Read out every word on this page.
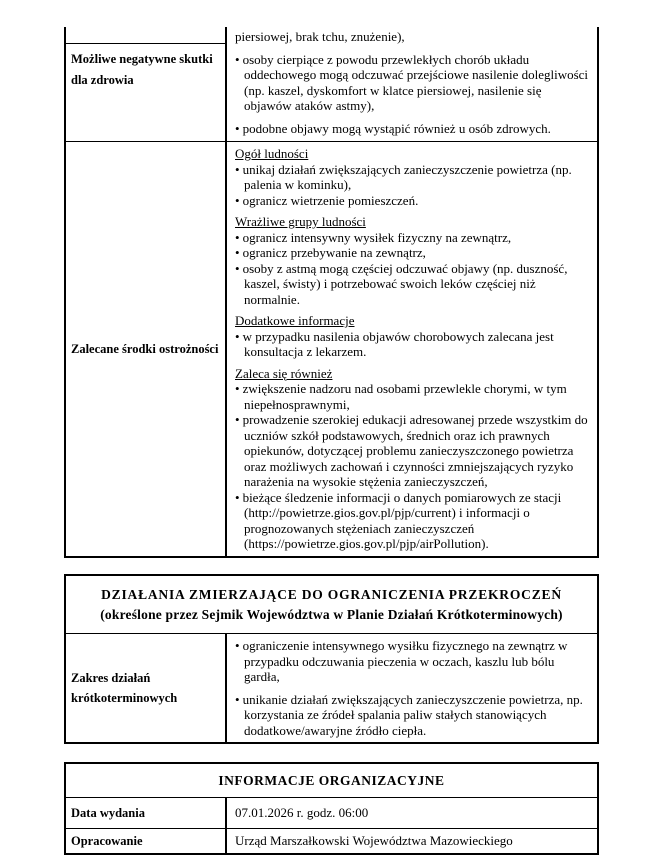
Możliwe negatywne skutki dla zdrowia

piersiowej, brak tchu, znużenie),

• osoby cierpiące z powodu przewlekłych chorób układu oddechowego mogą odczuwać przejściowe nasilenie dolegliwości (np. kaszel, dyskomfort w klatce piersiowej, nasilenie się objawów ataków astmy),

• podobne objawy mogą wystąpić również u osób zdrowych.

Zalecane środki ostrożności

Ogół ludności

• unikaj działań zwiększających zanieczyszczenie powietrza (np. palenia w kominku),

• ogranicz wietrzenie pomieszczeń.

Wrażliwe grupy ludności

• ogranicz intensywny wysiłek fizyczny na zewnątrz,

• ogranicz przebywanie na zewnątrz,

• osoby z astmą mogą częściej odczuwać objawy (np. duszność, kaszel, świsty) i potrzebować swoich leków częściej niż normalnie.

Dodatkowe informacje

• w przypadku nasilenia objawów chorobowych zalecana jest konsultacja z lekarzem.

Zaleca się również

• zwiększenie nadzoru nad osobami przewlekle chorymi, w tym niepełnosprawnymi,

• prowadzenie szerokiej edukacji adresowanej przede wszystkim do uczniów szkół podstawowych, średnich oraz ich prawnych opiekunów, dotyczącej problemu zanieczyszczonego powietrza oraz możliwych zachowań i czynności zmniejszających ryzyko narażenia na wysokie stężenia zanieczyszczeń,

• bieżące śledzenie informacji o danych pomiarowych ze stacji (http://powietrze.gios.gov.pl/pjp/current) i informacji o prognozowanych stężeniach zanieczyszczeń (https://powietrze.gios.gov.pl/pjp/airPollution).

DZIAŁANIA ZMIERZAJĄCE DO OGRANICZENIA PRZEKROCZEŃ
(określone przez Sejmik Województwa w Planie Działań Krótkoterminowych)
Zakres działań krótkoterminowych

• ograniczenie intensywnego wysiłku fizycznego na zewnątrz w przypadku odczuwania pieczenia w oczach, kaszlu lub bólu gardła,

• unikanie działań zwiększających zanieczyszczenie powietrza, np. korzystania ze źródeł spalania paliw stałych stanowiących dodatkowe/awaryjne źródło ciepła.

INFORMACJE ORGANIZACYJNE
Data wydania	07.01.2026 r. godz. 06:00
Opracowanie	Urząd Marszałkowski Województwa Mazowieckiego
